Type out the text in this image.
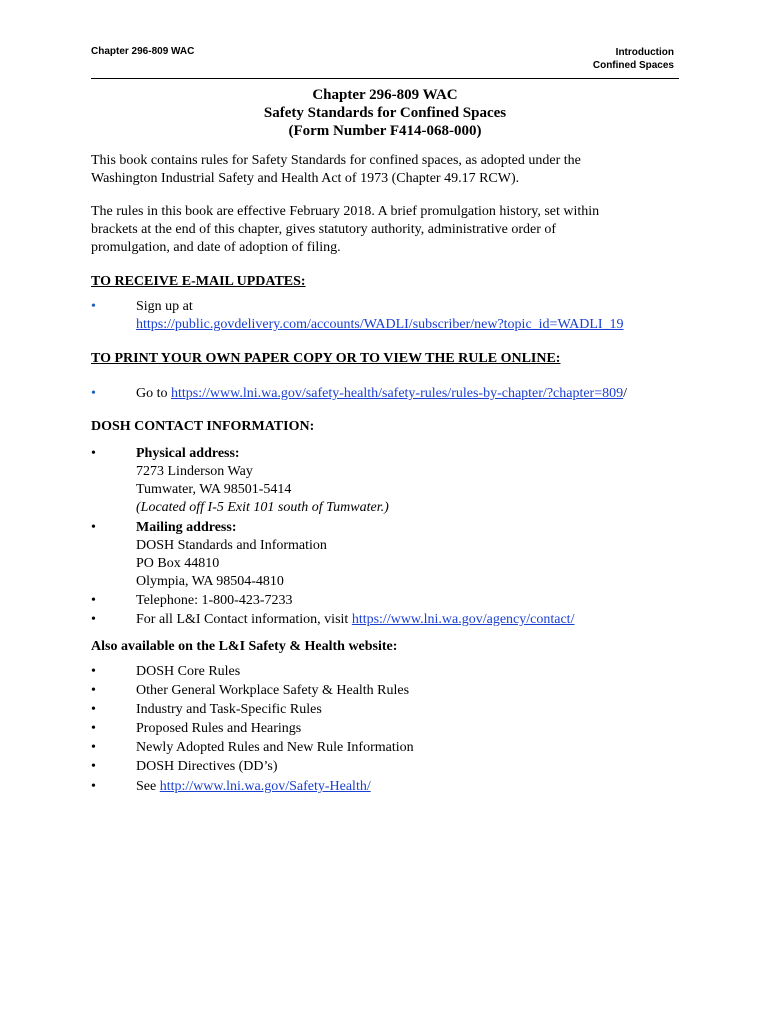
Chapter 296-809 WAC	Introduction
Confined Spaces
Chapter 296-809 WAC
Safety Standards for Confined Spaces
(Form Number F414-068-000)
This book contains rules for Safety Standards for confined spaces, as adopted under the
Washington Industrial Safety and Health Act of 1973 (Chapter 49.17 RCW).
The rules in this book are effective February 2018. A brief promulgation history, set within
brackets at the end of this chapter, gives statutory authority, administrative order of
promulgation, and date of adoption of filing.
TO RECEIVE E-MAIL UPDATES:
•	Sign up at
https://public.govdelivery.com/accounts/WADLI/subscriber/new?topic_id=WADLI_19
TO PRINT YOUR OWN PAPER COPY OR TO VIEW THE RULE ONLINE:
•	Go to https://www.lni.wa.gov/safety-health/safety-rules/rules-by-chapter/?chapter=809/
DOSH CONTACT INFORMATION:
•	Physical address:
7273 Linderson Way
Tumwater, WA 98501-5414
(Located off I-5 Exit 101 south of Tumwater.)
•	Mailing address:
DOSH Standards and Information
PO Box 44810
Olympia, WA 98504-4810
•	Telephone: 1-800-423-7233
•	For all L&I Contact information, visit https://www.lni.wa.gov/agency/contact/
Also available on the L&I Safety & Health website:
•	DOSH Core Rules
•	Other General Workplace Safety & Health Rules
•	Industry and Task-Specific Rules
•	Proposed Rules and Hearings
•	Newly Adopted Rules and New Rule Information
•	DOSH Directives (DD’s)
•	See http://www.lni.wa.gov/Safety-Health/
